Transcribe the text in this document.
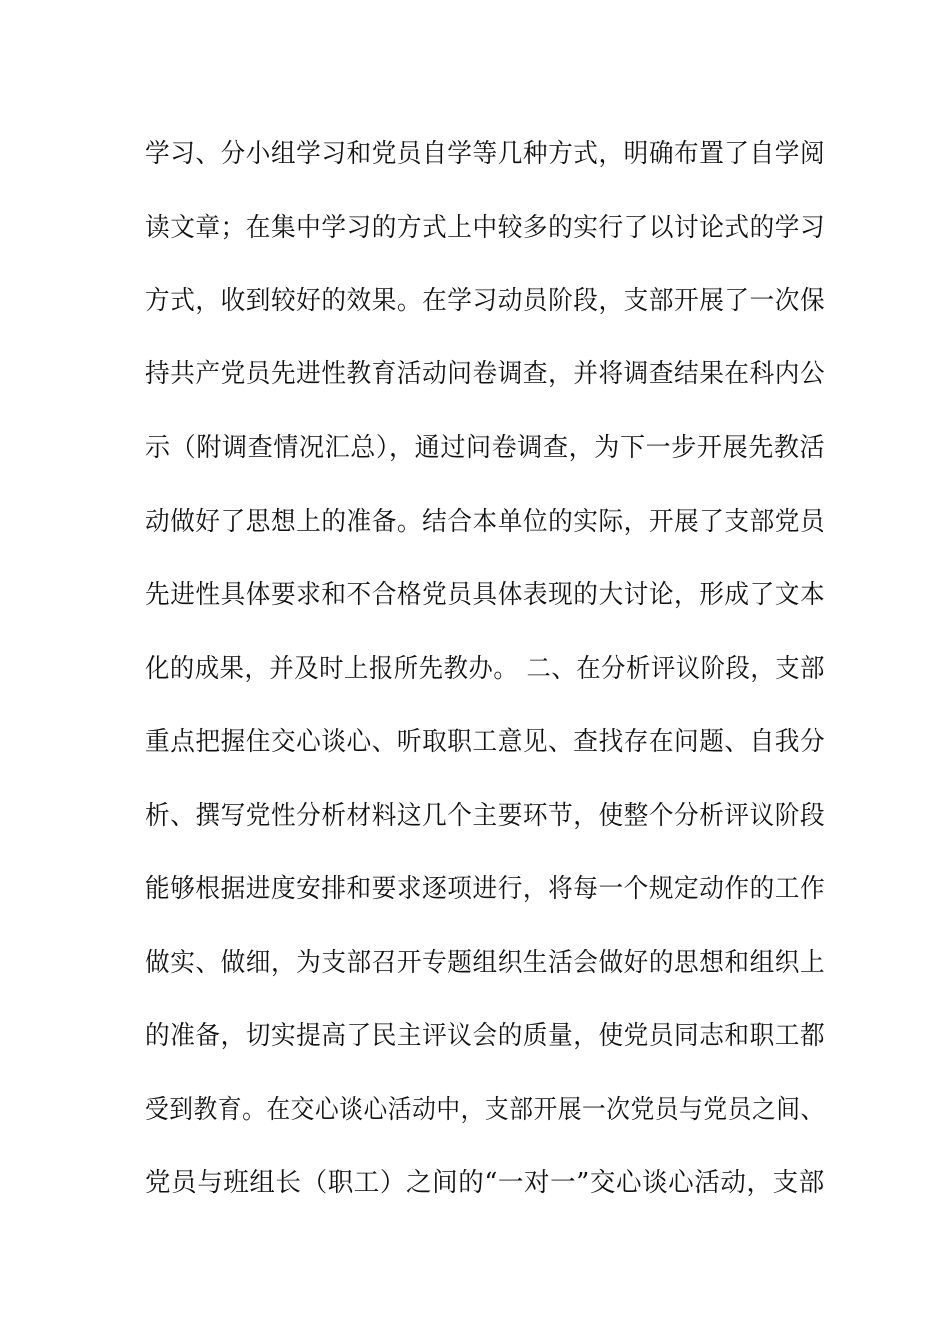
学习、分小组学习和党员自学等几种方式，明确布置了自学阅
读文章；在集中学习的方式上中较多的实行了以讨论式的学习
方式，收到较好的效果。在学习动员阶段，支部开展了一次保
持共产党员先进性教育活动问卷调查，并将调查结果在科内公
示（附调查情况汇总），通过问卷调查，为下一步开展先教活
动做好了思想上的准备。结合本单位的实际，开展了支部党员
先进性具体要求和不合格党员具体表现的大讨论，形成了文本
化的成果，并及时上报所先教办。 二、在分析评议阶段，支部
重点把握住交心谈心、听取职工意见、查找存在问题、自我分
析、撰写党性分析材料这几个主要环节，使整个分析评议阶段
能够根据进度安排和要求逐项进行，将每一个规定动作的工作
做实、做细，为支部召开专题组织生活会做好的思想和组织上
的准备，切实提高了民主评议会的质量，使党员同志和职工都
受到教育。在交心谈心活动中，支部开展一次党员与党员之间、
党员与班组长（职工）之间的“一对一”交心谈心活动，支部
